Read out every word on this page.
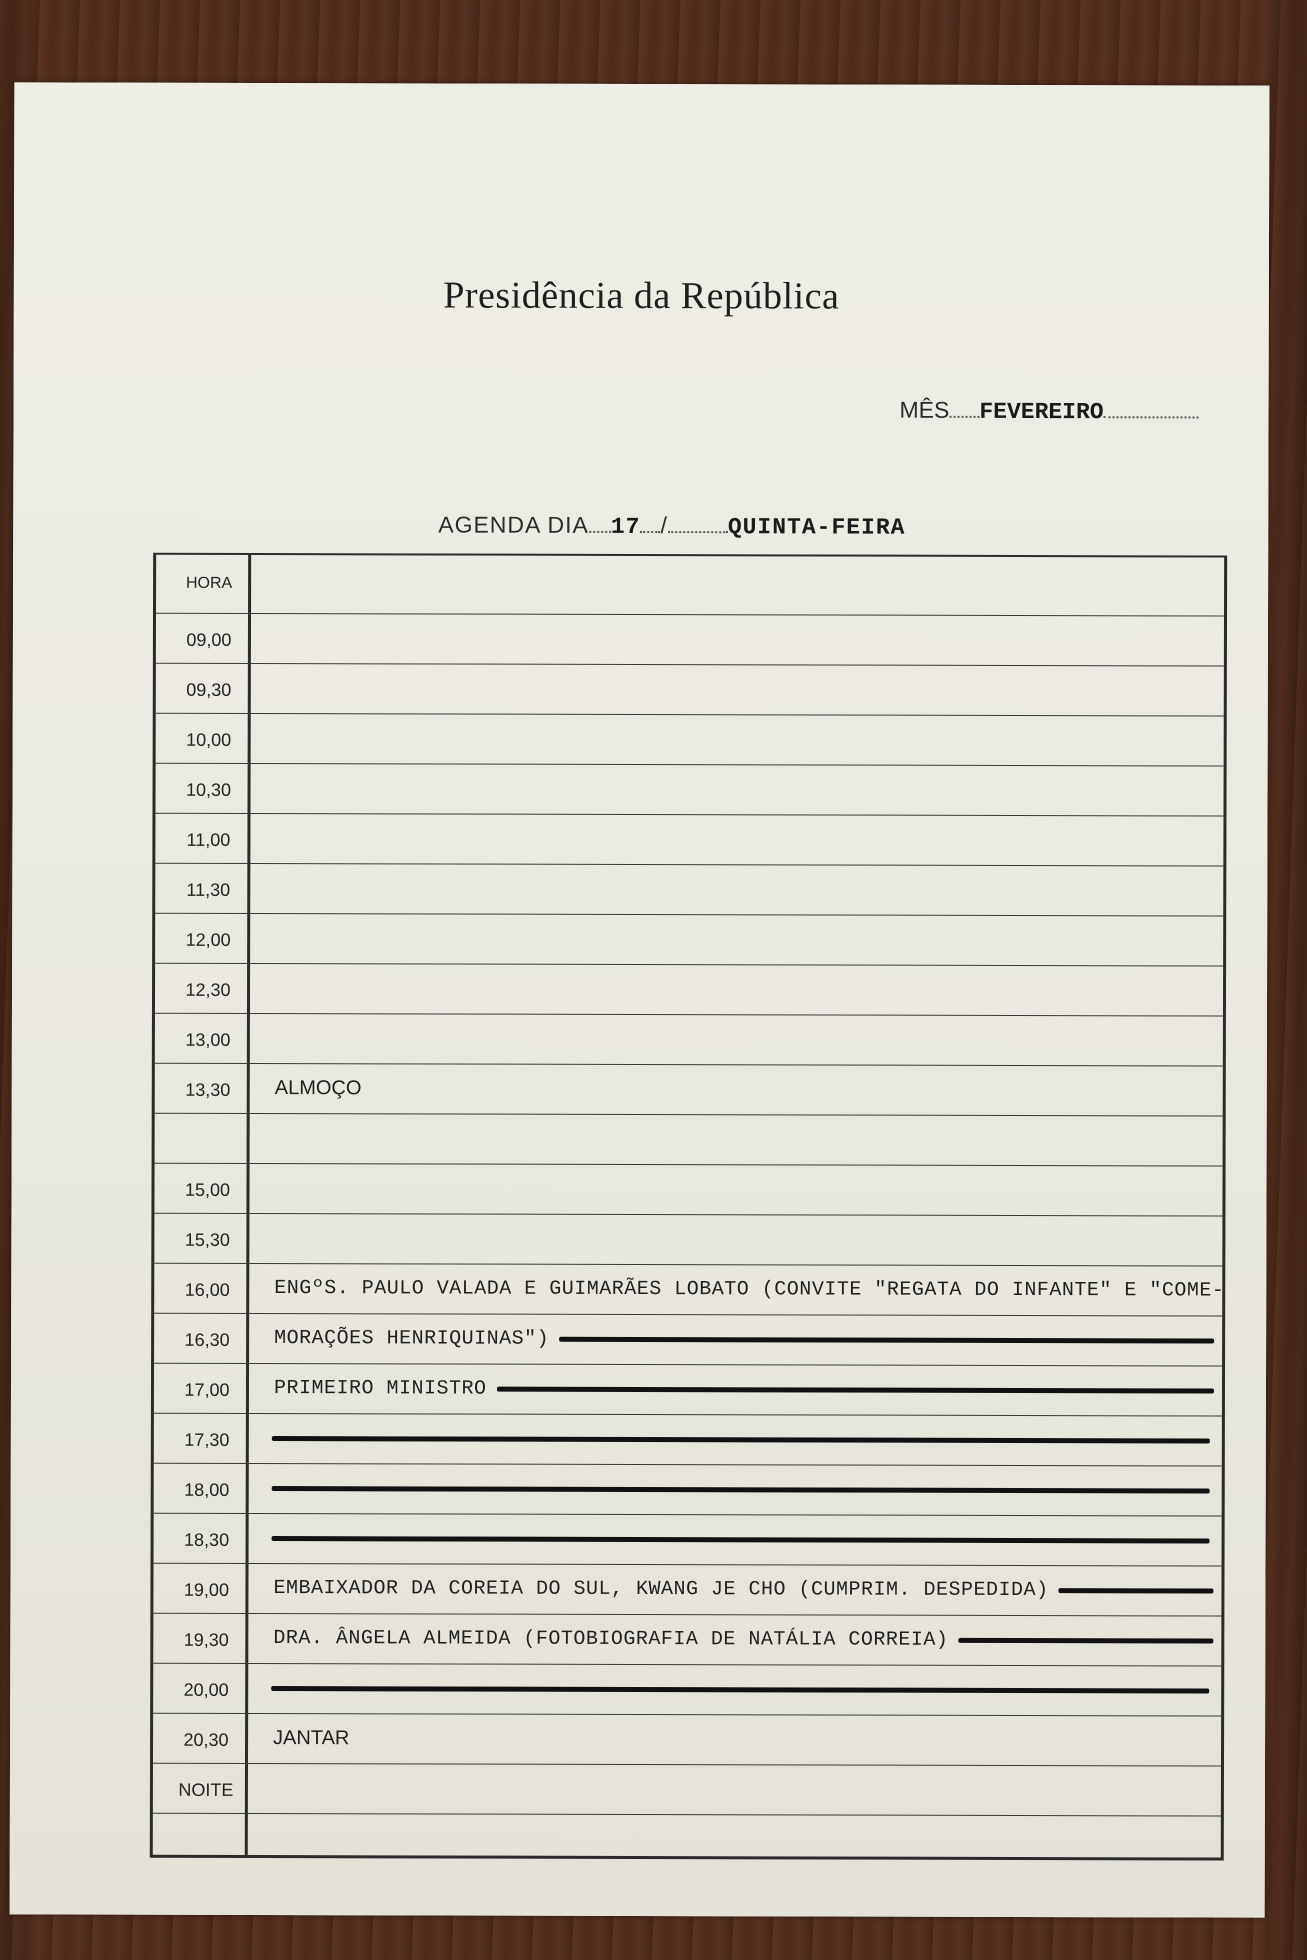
Presidência da República
MÊS FEVEREIRO
AGENDA DIA 17 /	QUINTA-FEIRA
HORA
09,00
09,30
10,00
10,30
11,00
11,30
12,00
12,30
13,00
13,30	ALMOÇO
15,00
15,30
16,00	ENGºS. PAULO VALADA E GUIMARÃES LOBATO (CONVITE "REGATA DO INFANTE" E "COME-
16,30	MORAÇÕES HENRIQUINAS")
17,00	PRIMEIRO MINISTRO
17,30
18,00
18,30
19,00	EMBAIXADOR DA COREIA DO SUL, KWANG JE CHO (CUMPRIM. DESPEDIDA)
19,30	DRA. ÂNGELA ALMEIDA (FOTOBIOGRAFIA DE NATÁLIA CORREIA)
20,00
20,30	JANTAR
NOITE
